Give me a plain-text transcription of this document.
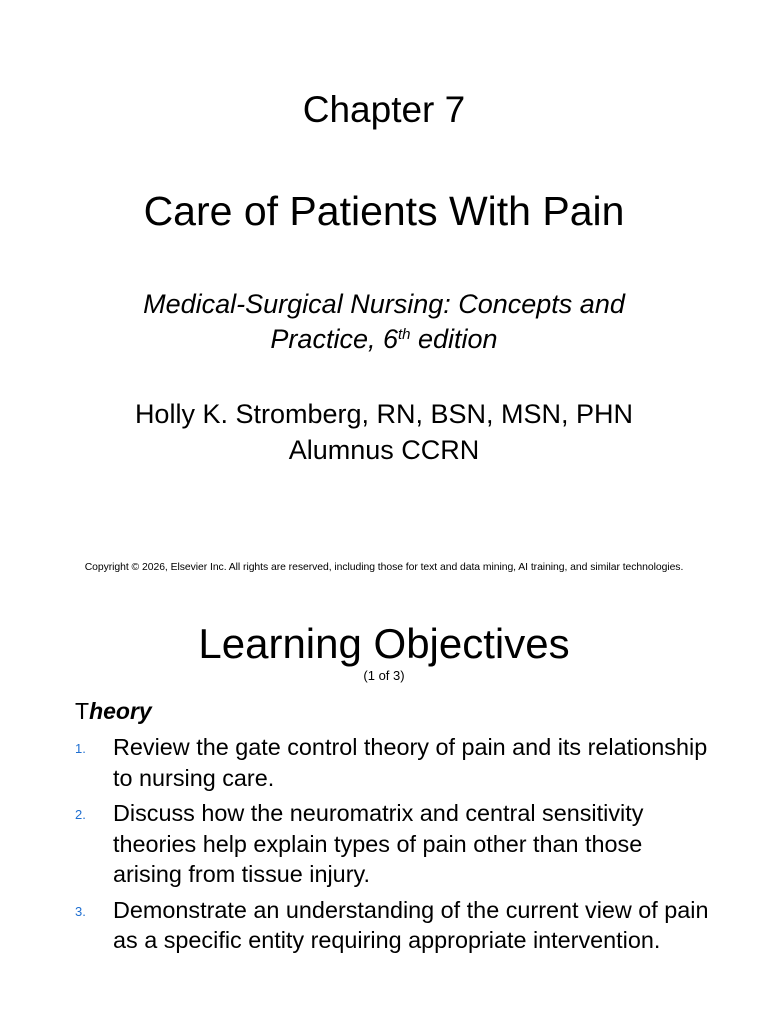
Chapter 7
Care of Patients With Pain
Medical-Surgical Nursing: Concepts and
Practice, 6th edition
Holly K. Stromberg, RN, BSN, MSN, PHN
Alumnus CCRN
Copyright © 2026, Elsevier Inc. All rights are reserved, including those for text and data mining, AI training, and similar technologies.
Learning Objectives
(1 of 3)
Theory
1. Review the gate control theory of pain and its relationship to nursing care.
2. Discuss how the neuromatrix and central sensitivity theories help explain types of pain other than those arising from tissue injury.
3. Demonstrate an understanding of the current view of pain as a specific entity requiring appropriate intervention.
